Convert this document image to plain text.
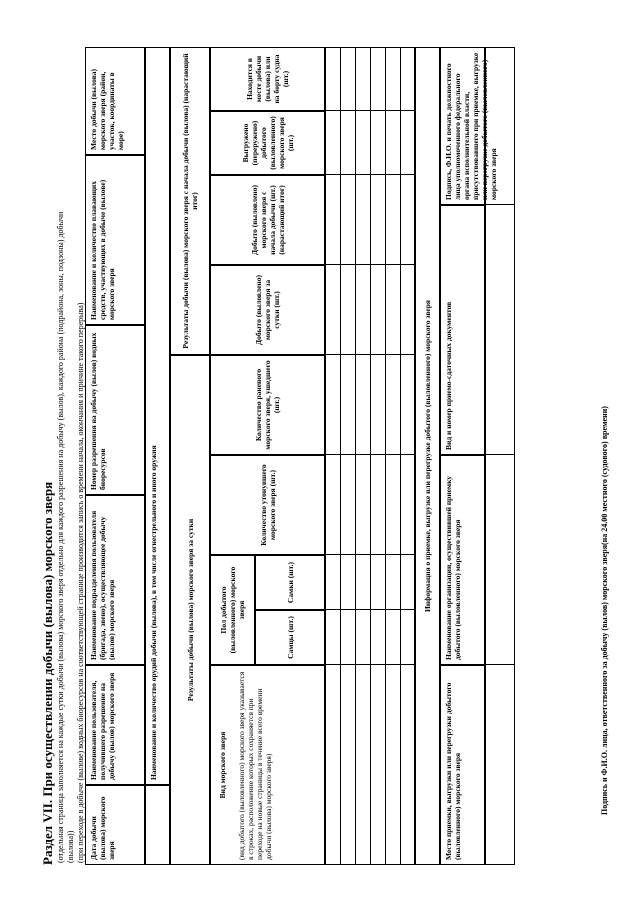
Раздел VII. При осуществлении добычи (вылова) морского зверя (отдельная страница заполняется на каждые сутки добычи (вылова) морского зверя отдельно для каждого разрешения на добычу (вылов), каждого района (подрайона, зоны, подзоны) добычи (вылова)) (при переходе в добыче (вылове) водных биоресурсов на соответствующей странице производится запись о времени начала, окончания и причине такого перерыва) Дата добычи (вылова) морского зверя
Наименование пользователя, получившего разрешение на добычу (вылов) морского зверя
Наименование подразделения пользователя (бригада, звено), осуществляющее добычу (вылов) морского зверя
Номер разрешения на добычу (вылов) водных биоресурсов
Наименование и количество плавающих средств, участвующих в добыче (вылове) морского зверя
Место добычи (вылова) морского зверя (район, участок, координаты в море)
Наименование и количество орудий добычи (вылова), в том числе огнестрельного и иного оружия	Результаты добычи (вылова) морского зверя за сутки
Результаты добычи (вылова) морского зверя с начала добычи (вылова) (нарастающий итог)
Вид морского зверя (вид добытого (выловленного) морского зверя указывается в строках, расположение которых сохраняется при переходе на новые страницы в течение всего времени добычи (вылова) морского зверя)
Пол добытого (выловленного) морского зверя
Самцы (шт.)
Самки (шт.)
Количество утонувшего морского зверя (шт.)
Количество раненого морского зверя, ушедшего (шт.)
Добыто (выловлено) морского зверя за сутки (шт.)
Добыто (выловлено) морского зверя с начала добычи (шт.) (нарастающий итог)
Выгружено (переружено) добытого (выловленного) морского зверя (шт.)
Находится в месте добычи (вылова) или на борту судна (шт.)
Информация о приемке, выгрузке или перегрузке добытого (выловленного) морского зверя
Место приемки, выгрузки или перегрузки добытого (выловленного) морского зверя
Наименование организации, осуществившей приемку добытого (выловленного) морского зверя
Вид и номер приемо-сдаточных документов
Подпись, Ф.И.О. и печать должностного лица уполномоченного федерального органа исполнительной власти, присутствовавшего при приемке, выгрузке или перегрузке добытого (выловленного) морского зверя
Подпись и Ф.И.О. лица, ответственного за добычу (вылов) морского зверя
(на 24.00 местного (судового) времени)
